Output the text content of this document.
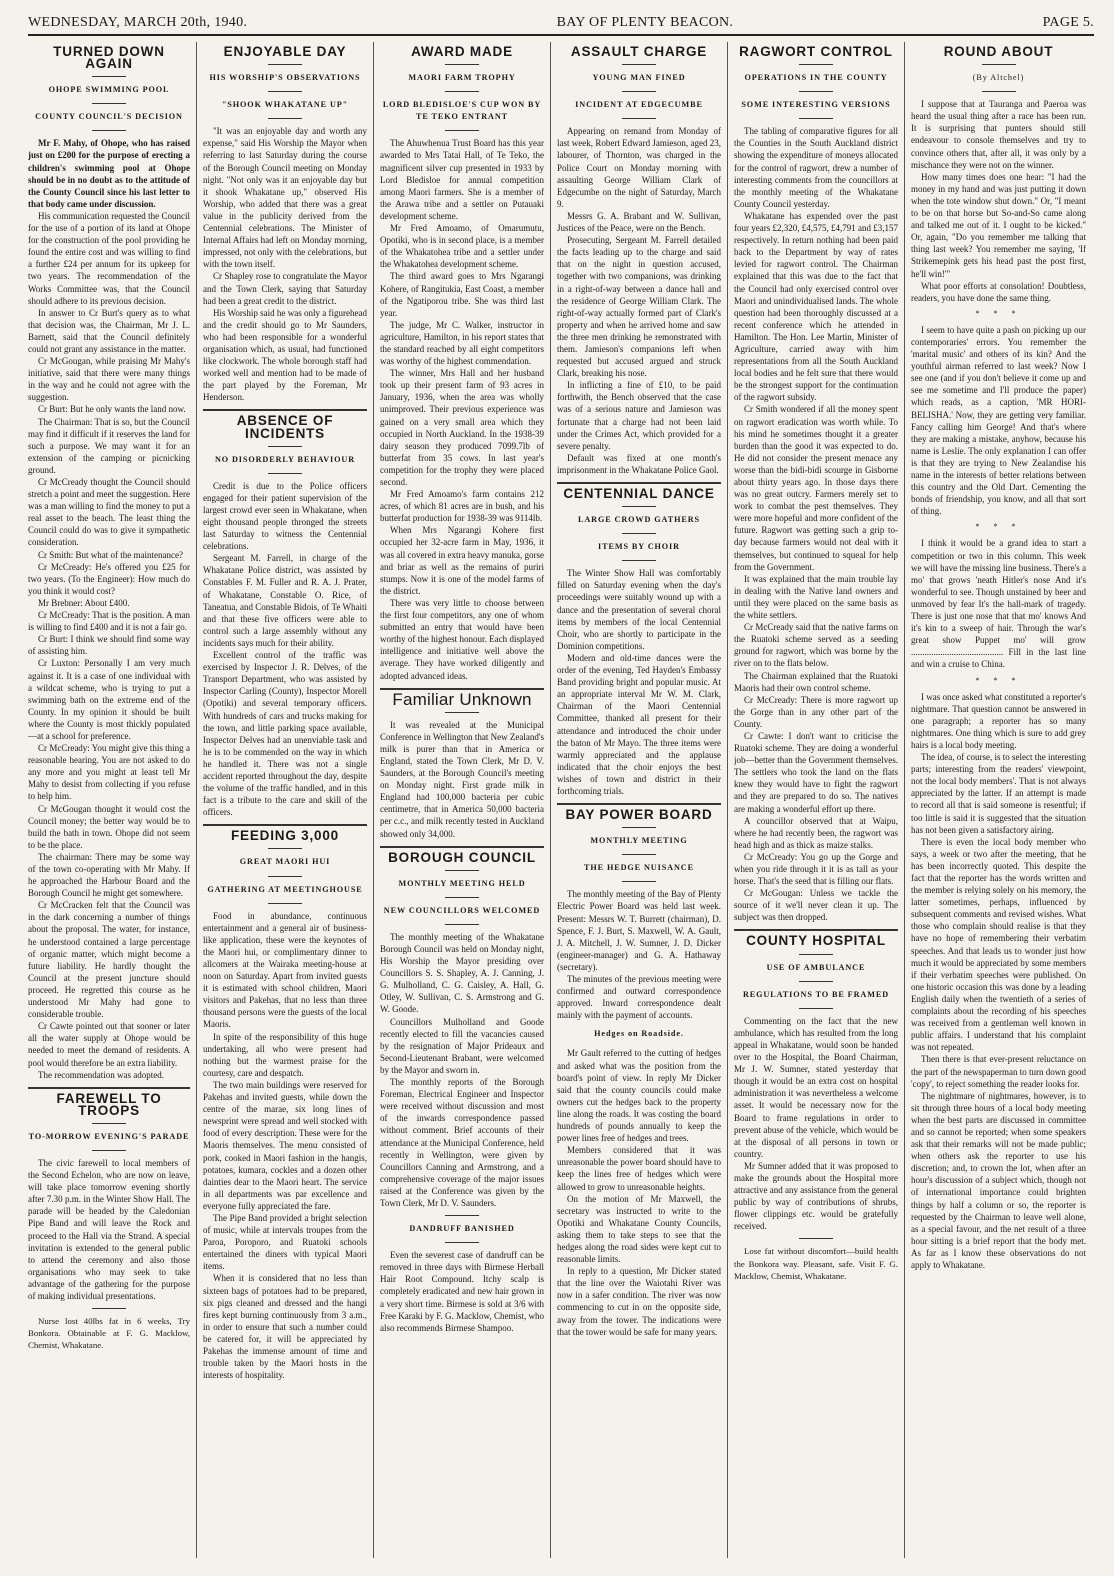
WEDNESDAY, MARCH 20th, 1940.	BAY OF PLENTY BEACON.	PAGE 5.
TURNED DOWN AGAIN
OHOPE SWIMMING POOL
COUNTY COUNCIL'S DECISION

Mr F. Mahy, of Ohope, who has raised just on £200 for the purpose of erecting a children's swimming pool at Ohope should be in no doubt as to the attitude of the County Council since his last letter to that body came under discussion.

His communication requested the Council for the use of a portion of its land at Ohope for the construction of the pool providing he found the entire cost and was willing to find a further £24 per annum for its upkeep for two years. The recommendation of the Works Committee was, that the Council should adhere to its previous decision.

In answer to Cr Burt's query as to what that decision was, the Chairman, Mr J. L. Barnett, said that the Council definitely could not grant any assistance in the matter.

Cr McGougan, while praising Mr Mahy's initiative, said that there were many things in the way and he could not agree with the suggestion.

Cr Burt: But he only wants the land now.

The Chairman: That is so, but the Council may find it difficult if it reserves the land for such a purpose. We may want it for an extension of the camping or picnicking ground.

Cr McCready thought the Council should stretch a point and meet the suggestion. Here was a man willing to find the money to put a real asset to the beach. The least thing the Council could do was to give it sympathetic consideration.

Cr Smith: But what of the maintenance?

Cr McCready: He's offered you £25 for two years. (To the Engineer): How much do you think it would cost?

Mr Brebner: About £400.

Cr McCready: That is the position. A man is willing to find £400 and it is not a fair go.

Cr Burt: I think we should find some way of assisting him.

Cr Luxton: Personally I am very much against it. It is a case of one individual with a wildcat scheme, who is trying to put a swimming bath on the extreme end of the County. In my opinion it should be built where the County is most thickly populated—at a school for preference.

Cr McCready: You might give this thing a reasonable hearing. You are not asked to do any more and you might at least tell Mr Mahy to desist from collecting if you refuse to help him.

Cr McGougan thought it would cost the Council money; the better way would be to build the bath in town. Ohope did not seem to be the place.

The chairman: There may be some way of the town co-operating with Mr Mahy. If he approached the Harbour Board and the Borough Council he might get somewhere.

Cr McCracken felt that the Council was in the dark concerning a number of things about the proposal. The water, for instance, he understood contained a large percentage of organic matter, which might become a future liability. He hardly thought the Council at the present juncture should proceed. He regretted this course as he understood Mr Mahy had gone to considerable trouble.

Cr Cawte pointed out that sooner or later all the water supply at Ohope would be needed to meet the demand of residents. A pool would therefore be an extra liability.

The recommendation was adopted.

FAREWELL TO TROOPS
TO-MORROW EVENING'S PARADE

The civic farewell to local members of the Second Echelon, who are now on leave, will take place tomorrow evening shortly after 7.30 p.m. in the Winter Show Hall. The parade will be headed by the Caledonian Pipe Band and will leave the Rock and proceed to the Hall via the Strand. A special invitation is extended to the general public to attend the ceremony and also those organisations who may seek to take advantage of the gathering for the purpose of making individual presentations.

Nurse lost 40lbs fat in 6 weeks, Try Bonkora. Obtainable at F. G. Macklow, Chemist, Whakatane.

ENJOYABLE DAY
HIS WORSHIP'S OBSERVATIONS
"SHOOK WHAKATANE UP"

"It was an enjoyable day and worth any expense," said His Worship the Mayor when referring to last Saturday during the course of the Borough Council meeting on Monday night. "Not only was it an enjoyable day but it shook Whakatane up," observed His Worship, who added that there was a great value in the publicity derived from the Centennial celebrations. The Minister of Internal Affairs had left on Monday morning, impressed, not only with the celebrations, but with the town itself.

Cr Shapley rose to congratulate the Mayor and the Town Clerk, saying that Saturday had been a great credit to the district.

His Worship said he was only a figurehead and the credit should go to Mr Saunders, who had been responsible for a wonderful organisation which, as usual, had functioned like clockwork. The whole borough staff had worked well and mention had to be made of the part played by the Foreman, Mr Henderson.

ABSENCE OF INCIDENTS
NO DISORDERLY BEHAVIOUR

Credit is due to the Police officers engaged for their patient supervision of the largest crowd ever seen in Whakatane, when eight thousand people thronged the streets last Saturday to witness the Centennial celebrations.

Sergeant M. Farrell, in charge of the Whakatane Police district, was assisted by Constables F. M. Fuller and R. A. J. Prater, of Whakatane, Constable O. Rice, of Taneatua, and Constable Bidois, of Te Whaiti and that these five officers were able to control such a large assembly without any incidents says much for their ability.

Excellent control of the traffic was exercised by Inspector J. R. Delves, of the Transport Department, who was assisted by Inspector Carling (County), Inspector Morell (Opotiki) and several temporary officers. With hundreds of cars and trucks making for the town, and little parking space available, Inspector Delves had an unenviable task and he is to be commended on the way in which he handled it. There was not a single accident reported throughout the day, despite the volume of the traffic handled, and in this fact is a tribute to the care and skill of the officers.

FEEDING 3,000
GREAT MAORI HUI
GATHERING AT MEETINGHOUSE

Food in abundance, continuous entertainment and a general air of business-like application, these were the keynotes of the Maori hui, or complimentary dinner to allcomers at the Wairaka meeting-house at noon on Saturday. Apart from invited guests it is estimated with school children, Maori visitors and Pakehas, that no less than three thousand persons were the guests of the local Maoris.

In spite of the responsibility of this huge undertaking, all who were present had nothing but the warmest praise for the courtesy, care and despatch.

The two main buildings were reserved for Pakehas and invited guests, while down the centre of the marae, six long lines of newsprint were spread and well stocked with food of every description. These were for the Maoris themselves. The menu consisted of pork, cooked in Maori fashion in the hangis, potatoes, kumara, cockles and a dozen other dainties dear to the Maori heart. The service in all departments was par excellence and everyone fully appreciated the fare.

The Pipe Band provided a bright selection of music, while at intervals troupes from the Paroa, Poroporo, and Ruatoki schools entertained the diners with typical Maori items.

When it is considered that no less than sixteen bags of potatoes had to be prepared, six pigs cleaned and dressed and the hangi fires kept burning continuously from 3 a.m., in order to ensure that such a number could be catered for, it will be appreciated by Pakehas the immense amount of time and trouble taken by the Maori hosts in the interests of hospitality.

AWARD MADE
MAORI FARM TROPHY
LORD BLEDISLOE'S CUP WON BY TE TEKO ENTRANT

The Ahuwhenua Trust Board has this year awarded to Mrs Tatai Hall, of Te Teko, the magnificent silver cup presented in 1933 by Lord Bledisloe for annual competition among Maori farmers. She is a member of the Arawa tribe and a settler on Putauaki development scheme.

Mr Fred Amoamo, of Omarumutu, Opotiki, who is in second place, is a member of the Whakatohea tribe and a settler under the Whakatohea development scheme.

The third award goes to Mrs Ngarangi Kohere, of Rangitukia, East Coast, a member of the Ngatiporou tribe. She was third last year.

The judge, Mr C. Walker, instructor in agriculture, Hamilton, in his report states that the standard reached by all eight competitors was worthy of the highest commendation.

The winner, Mrs Hall and her husband took up their present farm of 93 acres in January, 1936, when the area was wholly unimproved. Their previous experience was gained on a very small area which they occupied in North Auckland. In the 1938-39 dairy season they produced 7099.7lb of butterfat from 35 cows. In last year's competition for the trophy they were placed second.

Mr Fred Amoamo's farm contains 212 acres, of which 81 acres are in bush, and his butterfat production for 1938-39 was 9114lb.

When Mrs Ngarangi Kohere first occupied her 32-acre farm in May, 1936, it was all covered in extra heavy manuka, gorse and briar as well as the remains of puriri stumps. Now it is one of the model farms of the district.

There was very little to choose between the first four competitors, any one of whom submitted an entry that would have been worthy of the highest honour. Each displayed intelligence and initiative well above the average. They have worked diligently and adopted advanced ideas.

Familiar Unknown

It was revealed at the Municipal Conference in Wellington that New Zealand's milk is purer than that in America or England, stated the Town Clerk, Mr D. V. Saunders, at the Borough Council's meeting on Monday night. First grade milk in England had 100,000 bacteria per cubic centimetre, that in America 50,000 bacteria per c.c., and milk recently tested in Auckland showed only 34,000.

BOROUGH COUNCIL
MONTHLY MEETING HELD
NEW COUNCILLORS WELCOMED

The monthly meeting of the Whakatane Borough Council was held on Monday night, His Worship the Mayor presiding over Councillors S. S. Shapley, A. J. Canning, J. G. Mulholland, C. G. Caisley, A. Hall, G. Otley, W. Sullivan, C. S. Armstrong and G. W. Goode.

Councillors Mulholland and Goode recently elected to fill the vacancies caused by the resignation of Major Prideaux and Second-Lieutenant Brabant, were welcomed by the Mayor and sworn in.

The monthly reports of the Borough Foreman, Electrical Engineer and Inspector were received without discussion and most of the inwards correspondence passed without comment. Brief accounts of their attendance at the Municipal Conference, held recently in Wellington, were given by Councillors Canning and Armstrong, and a comprehensive coverage of the major issues raised at the Conference was given by the Town Clerk, Mr D. V. Saunders.

DANDRUFF BANISHED

Even the severest case of dandruff can be removed in three days with Birmese Herball Hair Root Compound. Itchy scalp is completely eradicated and new hair grown in a very short time. Birmese is sold at 3/6 with Free Karaki by F. G. Macklow, Chemist, who also recommends Birmese Shampoo.

ASSAULT CHARGE
YOUNG MAN FINED
INCIDENT AT EDGECUMBE

Appearing on remand from Monday of last week, Robert Edward Jamieson, aged 23, labourer, of Thornton, was charged in the Police Court on Monday morning with assaulting George William Clark of Edgecumbe on the night of Saturday, March 9.

Messrs G. A. Brabant and W. Sullivan, Justices of the Peace, were on the Bench.

Prosecuting, Sergeant M. Farrell detailed the facts leading up to the charge and said that on the night in question accused, together with two companions, was drinking in a right-of-way between a dance hall and the residence of George William Clark. The right-of-way actually formed part of Clark's property and when he arrived home and saw the three men drinking he remonstrated with them. Jamieson's companions left when requested but accused argued and struck Clark, breaking his nose.

In inflicting a fine of £10, to be paid forthwith, the Bench observed that the case was of a serious nature and Jamieson was fortunate that a charge had not been laid under the Crimes Act, which provided for a severe penalty.

Default was fixed at one month's imprisonment in the Whakatane Police Gaol.

CENTENNIAL DANCE
LARGE CROWD GATHERS
ITEMS BY CHOIR

The Winter Show Hall was comfortably filled on Saturday evening when the day's proceedings were suitably wound up with a dance and the presentation of several choral items by members of the local Centennial Choir, who are shortly to participate in the Dominion competitions.

Modern and old-time dances were the order of the evening, Ted Hayden's Embassy Band providing bright and popular music. At an appropriate interval Mr W. M. Clark, Chairman of the Maori Centennial Committee, thanked all present for their attendance and introduced the choir under the baton of Mr Mayo. The three items were warmly appreciated and the applause indicated that the choir enjoys the best wishes of town and district in their forthcoming trials.

BAY POWER BOARD
MONTHLY MEETING
THE HEDGE NUISANCE

The monthly meeting of the Bay of Plenty Electric Power Board was held last week. Present: Messrs W. T. Burrett (chairman), D. Spence, F. J. Burt, S. Maxwell, W. A. Gault, J. A. Mitchell, J. W. Sumner, J. D. Dicker (engineer-manager) and G. A. Hathaway (secretary).

The minutes of the previous meeting were confirmed and outward correspondence approved. Inward correspondence dealt mainly with the payment of accounts.

Hedges on Roadside.

Mr Gault referred to the cutting of hedges and asked what was the position from the board's point of view. In reply Mr Dicker said that the county councils could make owners cut the hedges back to the property line along the roads. It was costing the board hundreds of pounds annually to keep the power lines free of hedges and trees.

Members considered that it was unreasonable the power board should have to keep the lines free of hedges which were allowed to grow to unreasonable heights.

On the motion of Mr Maxwell, the secretary was instructed to write to the Opotiki and Whakatane County Councils, asking them to take steps to see that the hedges along the road sides were kept cut to reasonable limits.

In reply to a question, Mr Dicker stated that the line over the Waiotahi River was now in a safer condition. The river was now commencing to cut in on the opposite side, away from the tower. The indications were that the tower would be safe for many years.

RAGWORT CONTROL
OPERATIONS IN THE COUNTY
SOME INTERESTING VERSIONS

The tabling of comparative figures for all the Counties in the South Auckland district showing the expenditure of moneys allocated for the control of ragwort, drew a number of interesting comments from the councillors at the monthly meeting of the Whakatane County Council yesterday.

Whakatane has expended over the past four years £2,320, £4,575, £4,791 and £3,157 respectively. In return nothing had been paid back to the Department by way of rates levied for ragwort control. The Chairman explained that this was due to the fact that the Council had only exercised control over Maori and unindividualised lands. The whole question had been thoroughly discussed at a recent conference which he attended in Hamilton. The Hon. Lee Martin, Minister of Agriculture, carried away with him representations from all the South Auckland local bodies and he felt sure that there would be the strongest support for the continuation of the ragwort subsidy.

Cr Smith wondered if all the money spent on ragwort eradication was worth while. To his mind he sometimes thought it a greater burden than the good it was expected to do. He did not consider the present menace any worse than the bidi-bidi scourge in Gisborne about thirty years ago. In those days there was no great outcry. Farmers merely set to work to combat the pest themselves. They were more hopeful and more confident of the future. Ragwort was getting such a grip to-day because farmers would not deal with it themselves, but continued to squeal for help from the Government.

It was explained that the main trouble lay in dealing with the Native land owners and until they were placed on the same basis as the white settlers.

Cr McCready said that the native farms on the Ruatoki scheme served as a seeding ground for ragwort, which was borne by the river on to the flats below.

The Chairman explained that the Ruatoki Maoris had their own control scheme.

Cr McCready: There is more ragwort up the Gorge than in any other part of the County.

Cr Cawte: I don't want to criticise the Ruatoki scheme. They are doing a wonderful job—better than the Government themselves. The settlers who took the land on the flats knew they would have to fight the ragwort and they are prepared to do so. The natives are making a wonderful effort up there.

A councillor observed that at Waipu, where he had recently been, the ragwort was head high and as thick as maize stalks.

Cr McCready: You go up the Gorge and when you ride through it it is as tall as your horse. That's the seed that is filling our flats.

Cr McGougan: Unless we tackle the source of it we'll never clean it up. The subject was then dropped.

COUNTY HOSPITAL
USE OF AMBULANCE
REGULATIONS TO BE FRAMED

Commenting on the fact that the new ambulance, which has resulted from the long appeal in Whakatane, would soon be handed over to the Hospital, the Board Chairman, Mr J. W. Sumner, stated yesterday that though it would be an extra cost on hospital administration it was nevertheless a welcome asset. It would be necessary now for the Board to frame regulations in order to prevent abuse of the vehicle, which would be at the disposal of all persons in town or country.

Mr Sumner added that it was proposed to make the grounds about the Hospital more attractive and any assistance from the general public by way of contributions of shrubs, flower clippings etc. would be gratefully received.

Lose fat without discomfort—build health the Bonkora way. Pleasant, safe. Visit F. G. Macklow, Chemist, Whakatane.

ROUND ABOUT
(By Altchel)

I suppose that at Tauranga and Paeroa was heard the usual thing after a race has been run. It is surprising that punters should still endeavour to console themselves and try to convince others that, after all, it was only by a mischance they were not on the winner.

How many times does one hear: "I had the money in my hand and was just putting it down when the tote window shut down." Or, "I meant to be on that horse but So-and-So came along and talked me out of it. I ought to be kicked." Or, again, "Do you remember me talking that thing last week? You remember me saying, 'If Strikemepink gets his head past the post first, he'll win!'"

What poor efforts at consolation! Doubtless, readers, you have done the same thing.

* * *

I seem to have quite a pash on picking up our contemporaries' errors. You remember the 'marital music' and others of its kin? And the youthful airman referred to last week? Now I see one (and if you don't believe it come up and see me sometime and I'll produce the paper) which reads, as a caption, 'MR HORI-BELISHA.' Now, they are getting very familiar. Fancy calling him George! And that's where they are making a mistake, anyhow, because his name is Leslie. The only explanation I can offer is that they are trying to New Zealandise his name in the interests of better relations between this country and the Old Dart. Cementing the bonds of friendship, you know, and all that sort of thing.

* * *

I think it would be a grand idea to start a competition or two in this column. This week we will have the missing line business. There's a mo' that grows 'neath Hitler's nose And it's wonderful to see. Though unstained by beer and unmoved by fear It's the hall-mark of tragedy. There is just one nose that that mo' knows And it's kin to a sweep of hair. Through the war's great show Puppet mo' will grow ......................................... Fill in the last line and win a cruise to China.

* * *

I was once asked what constituted a reporter's nightmare. That question cannot be answered in one paragraph; a reporter has so many nightmares. One thing which is sure to add grey hairs is a local body meeting.

The idea, of course, is to select the interesting parts; interesting from the readers' viewpoint, not the local body members'. That is not always appreciated by the latter. If an attempt is made to record all that is said someone is resentful; if too little is said it is suggested that the situation has not been given a satisfactory airing.

There is even the local body member who says, a week or two after the meeting, that he has been incorrectly quoted. This despite the fact that the reporter has the words written and the member is relying solely on his memory, the latter sometimes, perhaps, influenced by subsequent comments and revised wishes. What those who complain should realise is that they have no hope of remembering their verbatim speeches. And that leads us to wonder just how much it would be appreciated by some members if their verbatim speeches were published. On one historic occasion this was done by a leading English daily when the twentieth of a series of complaints about the recording of his speeches was received from a gentleman well known in public affairs. I understand that his complaint was not repeated.

Then there is that ever-present reluctance on the part of the newspaperman to turn down good 'copy', to reject something the reader looks for.

The nightmare of nightmares, however, is to sit through three hours of a local body meeting when the best parts are discussed in committee and so cannot be reported; when some speakers ask that their remarks will not be made public; when others ask the reporter to use his discretion; and, to crown the lot, when after an hour's discussion of a subject which, though not of international importance could brighten things by half a column or so, the reporter is requested by the Chairman to leave well alone, as a special favour, and the net result of a three hour sitting is a brief report that the body met. As far as I know these observations do not apply to Whakatane.
